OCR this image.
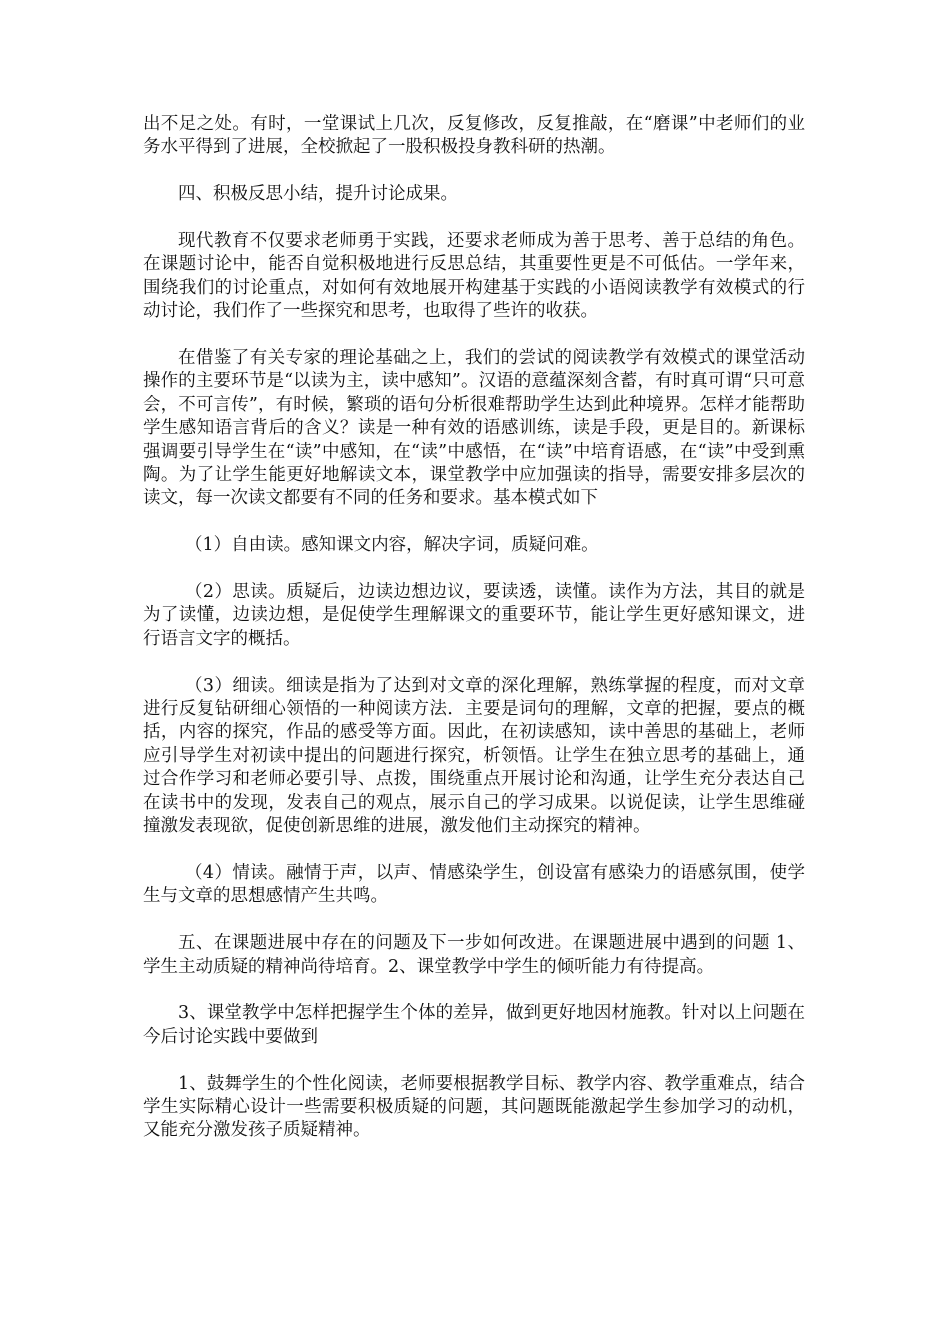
出不足之处。有时，一堂课试上几次，反复修改，反复推敲，在“磨课”中老师们的业务水平得到了进展，全校掀起了一股积极投身教科研的热潮。

四、积极反思小结，提升讨论成果。

现代教育不仅要求老师勇于实践，还要求老师成为善于思考、善于总结的角色。在课题讨论中，能否自觉积极地进行反思总结，其重要性更是不可低估。一学年来，围绕我们的讨论重点，对如何有效地展开构建基于实践的小语阅读教学有效模式的行动讨论，我们作了一些探究和思考，也取得了些许的收获。

在借鉴了有关专家的理论基础之上，我们的尝试的阅读教学有效模式的课堂活动操作的主要环节是“以读为主，读中感知”。汉语的意蕴深刻含蓄，有时真可谓“只可意会，不可言传”，有时候，繁琐的语句分析很难帮助学生达到此种境界。怎样才能帮助学生感知语言背后的含义？读是一种有效的语感训练，读是手段，更是目的。新课标强调要引导学生在“读”中感知，在“读”中感悟，在“读”中培育语感，在“读”中受到熏陶。为了让学生能更好地解读文本，课堂教学中应加强读的指导，需要安排多层次的读文，每一次读文都要有不同的任务和要求。基本模式如下

（1）自由读。感知课文内容，解决字词，质疑问难。

（2）思读。质疑后，边读边想边议，要读透，读懂。读作为方法，其目的就是为了读懂，边读边想，是促使学生理解课文的重要环节，能让学生更好感知课文，进行语言文字的概括。

（3）细读。细读是指为了达到对文章的深化理解，熟练掌握的程度，而对文章进行反复钻研细心领悟的一种阅读方法．主要是词句的理解，文章的把握，要点的概括，内容的探究，作品的感受等方面。因此，在初读感知，读中善思的基础上，老师应引导学生对初读中提出的问题进行探究，析领悟。让学生在独立思考的基础上，通过合作学习和老师必要引导、点拨，围绕重点开展讨论和沟通，让学生充分表达自己在读书中的发现，发表自己的观点，展示自己的学习成果。以说促读，让学生思维碰撞激发表现欲，促使创新思维的进展，激发他们主动探究的精神。

（4）情读。融情于声，以声、情感染学生，创设富有感染力的语感氛围，使学生与文章的思想感情产生共鸣。

五、在课题进展中存在的问题及下一步如何改进。在课题进展中遇到的问题 1、学生主动质疑的精神尚待培育。2、课堂教学中学生的倾听能力有待提高。

3、课堂教学中怎样把握学生个体的差异，做到更好地因材施教。针对以上问题在今后讨论实践中要做到

1、鼓舞学生的个性化阅读，老师要根据教学目标、教学内容、教学重难点，结合学生实际精心设计一些需要积极质疑的问题，其问题既能激起学生参加学习的动机，又能充分激发孩子质疑精神。
